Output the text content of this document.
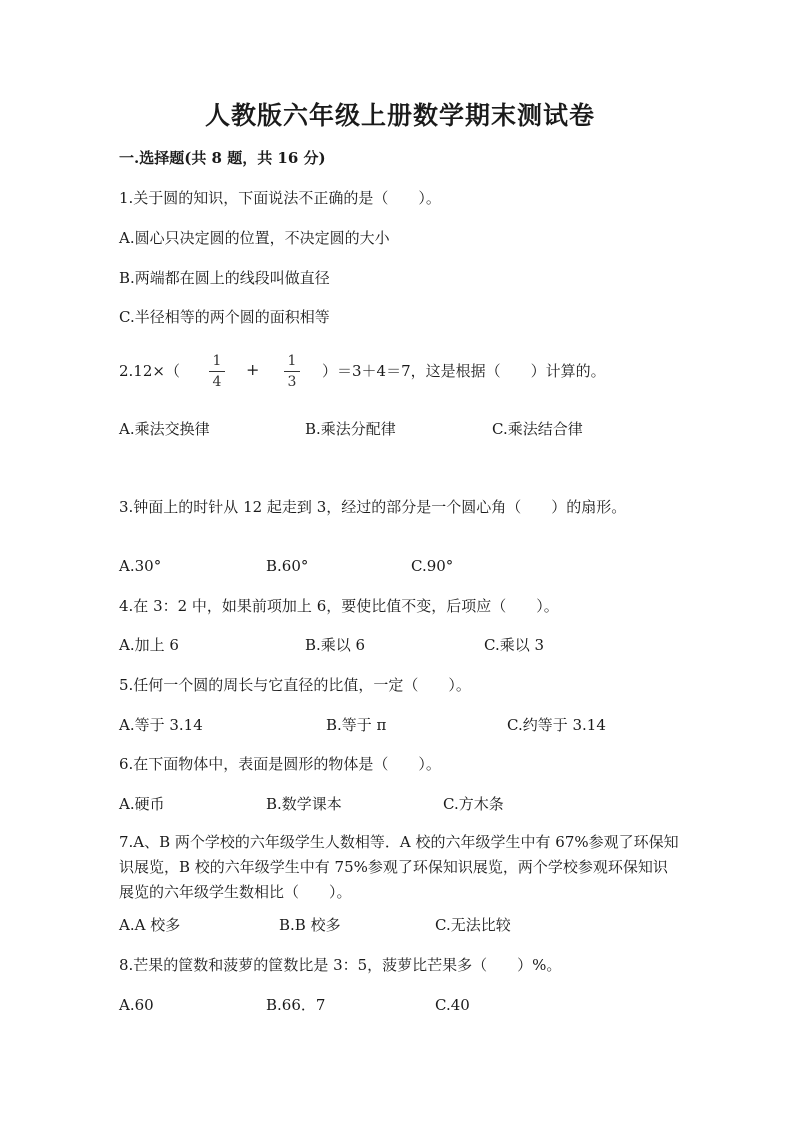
人教版六年级上册数学期末测试卷
一.选择题(共 8 题，共 16 分)
1.关于圆的知识，下面说法不正确的是（　　）。
A.圆心只决定圆的位置，不决定圆的大小
B.两端都在圆上的线段叫做直径
C.半径相等的两个圆的面积相等
2.12×（
1
4
+	1
3
）＝3＋4＝7，这是根据（　　）计算的。
A.乘法交换律	B.乘法分配律	C.乘法结合律
3.钟面上的时针从 12 起走到 3，经过的部分是一个圆心角（　　）的扇形。
A.30°	B.60°	C.90°
4.在 3：2 中，如果前项加上 6，要使比值不变，后项应（　　）。
A.加上 6	B.乘以 6	C.乘以 3
5.任何一个圆的周长与它直径的比值，一定（　　）。
A.等于 3.14	B.等于 π	C.约等于 3.14
6.在下面物体中，表面是圆形的物体是（　　）。
A.硬币	B.数学课本	C.方木条
7.A、B 两个学校的六年级学生人数相等．A 校的六年级学生中有 67%参观了环保知识展览，B 校的六年级学生中有 75%参观了环保知识展览，两个学校参观环保知识展览的六年级学生数相比（　　）。
A.A 校多	B.B 校多	C.无法比较
8.芒果的筐数和菠萝的筐数比是 3：5，菠萝比芒果多（　　）%。
A.60	B.66．7	C.40
